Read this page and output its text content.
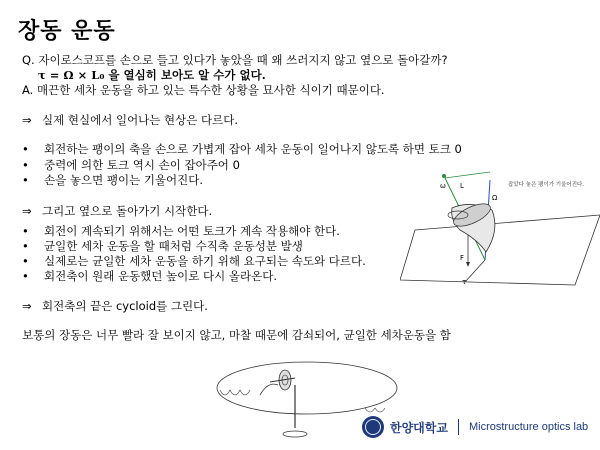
장동 운동
Q. 자이로스코프를 손으로 들고 있다가 놓았을 때 왜 쓰러지지 않고 옆으로 돌아갈까?
τ = Ω × L₀ 을 열심히 보아도 알 수가 없다.
A. 매끈한 세차 운동을 하고 있는 특수한 상황을 묘사한 식이기 때문이다.
⇒ 실제 현실에서 일어나는 현상은 다르다.
• 회전하는 팽이의 축을 손으로 가볍게 잡아 세차 운동이 일어나지 않도록 하면 토크 0
• 중력에 의한 토크 역시 손이 잡아주어 0
• 손을 놓으면 팽이는 기울어진다.
⇒ 그리고 옆으로 돌아가기 시작한다.
• 회전이 계속되기 위해서는 어떤 토크가 계속 작용해야 한다.
• 균일한 세차 운동을 할 때처럼 수직축 운동성분 발생
• 실제로는 균일한 세차 운동을 하기 위해 요구되는 속도와 다르다.
• 회전축이 원래 운동했던 높이로 다시 올라온다.
⇒ 회전축의 끝은 cycloid를 그린다.
보통의 장동은 너무 빨라 잘 보이지 않고, 마찰 때문에 감쇠되어, 균일한 세차운동을 함
ω L
Ω
F
τ
잡았다 놓은 팽이가 기울어진다.
한양대학교 Microstructure optics lab
